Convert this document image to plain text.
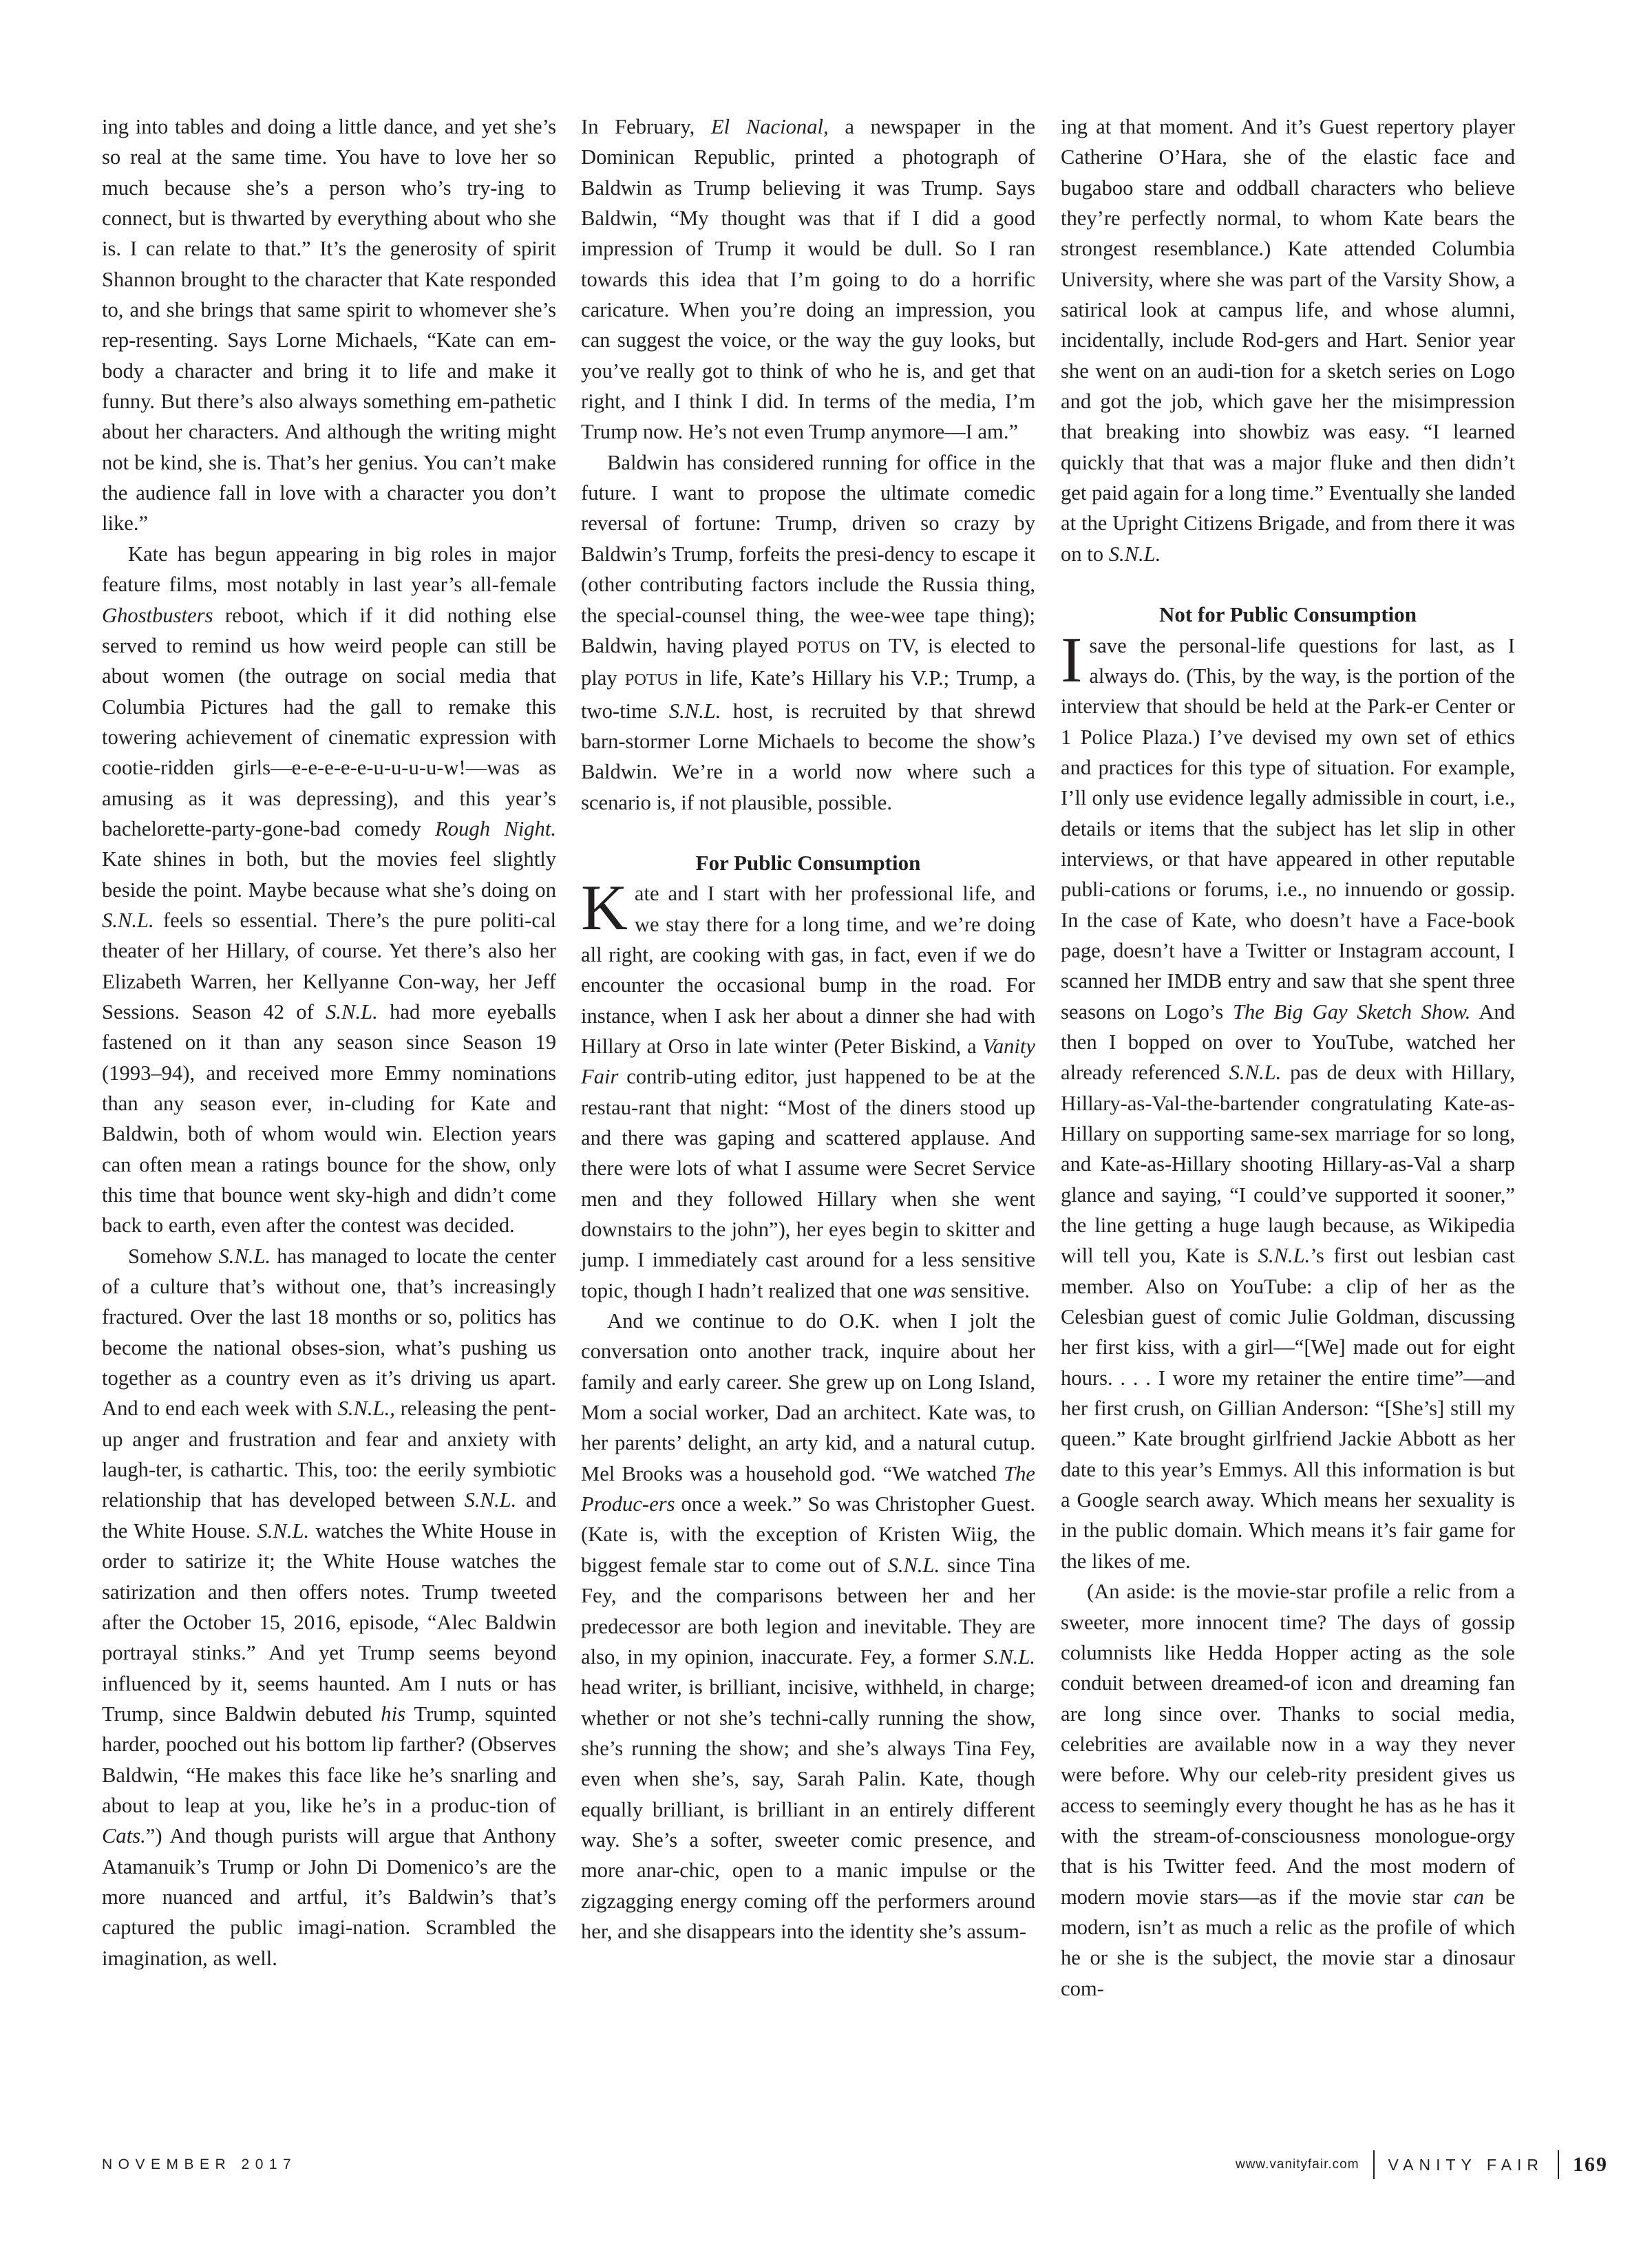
ing into tables and doing a little dance, and yet she’s so real at the same time. You have to love her so much because she’s a person who’s try-ing to connect, but is thwarted by everything about who she is. I can relate to that.” It’s the generosity of spirit Shannon brought to the character that Kate responded to, and she brings that same spirit to whomever she’s rep-resenting. Says Lorne Michaels, “Kate can em-body a character and bring it to life and make it funny. But there’s also always something em-pathetic about her characters. And although the writing might not be kind, she is. That’s her genius. You can’t make the audience fall in love with a character you don’t like.”

Kate has begun appearing in big roles in major feature films, most notably in last year’s all-female Ghostbusters reboot, which if it did nothing else served to remind us how weird people can still be about women (the outrage on social media that Columbia Pictures had the gall to remake this towering achievement of cinematic expression with cootie-ridden girls—e-e-e-e-e-u-u-u-u-w!—was as amusing as it was depressing), and this year’s bachelorette-party-gone-bad comedy Rough Night. Kate shines in both, but the movies feel slightly beside the point. Maybe because what she’s doing on S.N.L. feels so essential. There’s the pure politi-cal theater of her Hillary, of course. Yet there’s also her Elizabeth Warren, her Kellyanne Con-way, her Jeff Sessions. Season 42 of S.N.L. had more eyeballs fastened on it than any season since Season 19 (1993–94), and received more Emmy nominations than any season ever, in-cluding for Kate and Baldwin, both of whom would win. Election years can often mean a ratings bounce for the show, only this time that bounce went sky-high and didn’t come back to earth, even after the contest was decided.

Somehow S.N.L. has managed to locate the center of a culture that’s without one, that’s increasingly fractured. Over the last 18 months or so, politics has become the national obses-sion, what’s pushing us together as a country even as it’s driving us apart. And to end each week with S.N.L., releasing the pent-up anger and frustration and fear and anxiety with laugh-ter, is cathartic. This, too: the eerily symbiotic relationship that has developed between S.N.L. and the White House. S.N.L. watches the White House in order to satirize it; the White House watches the satirization and then offers notes. Trump tweeted after the October 15, 2016, episode, “Alec Baldwin portrayal stinks.” And yet Trump seems beyond influenced by it, seems haunted. Am I nuts or has Trump, since Baldwin debuted his Trump, squinted harder, pooched out his bottom lip farther? (Observes Baldwin, “He makes this face like he’s snarling and about to leap at you, like he’s in a produc-tion of Cats.”) And though purists will argue that Anthony Atamanuik’s Trump or John Di Domenico’s are the more nuanced and artful, it’s Baldwin’s that’s captured the public imagi-nation. Scrambled the imagination, as well.

In February, El Nacional, a newspaper in the Dominican Republic, printed a photograph of Baldwin as Trump believing it was Trump. Says Baldwin, “My thought was that if I did a good impression of Trump it would be dull. So I ran towards this idea that I’m going to do a horrific caricature. When you’re doing an impression, you can suggest the voice, or the way the guy looks, but you’ve really got to think of who he is, and get that right, and I think I did. In terms of the media, I’m Trump now. He’s not even Trump anymore—I am.”

Baldwin has considered running for office in the future. I want to propose the ultimate comedic reversal of fortune: Trump, driven so crazy by Baldwin’s Trump, forfeits the presi-dency to escape it (other contributing factors include the Russia thing, the special-counsel thing, the wee-wee tape thing); Baldwin, having played POTUS on TV, is elected to play POTUS in life, Kate’s Hillary his V.P.; Trump, a two-time S.N.L. host, is recruited by that shrewd barn-stormer Lorne Michaels to become the show’s Baldwin. We’re in a world now where such a scenario is, if not plausible, possible.

For Public Consumption

Kate and I start with her professional life, and we stay there for a long time, and we’re doing all right, are cooking with gas, in fact, even if we do encounter the occasional bump in the road. For instance, when I ask her about a dinner she had with Hillary at Orso in late winter (Peter Biskind, a Vanity Fair contrib-uting editor, just happened to be at the restau-rant that night: “Most of the diners stood up and there was gaping and scattered applause. And there were lots of what I assume were Secret Service men and they followed Hillary when she went downstairs to the john”), her eyes begin to skitter and jump. I immediately cast around for a less sensitive topic, though I hadn’t realized that one was sensitive.

And we continue to do O.K. when I jolt the conversation onto another track, inquire about her family and early career. She grew up on Long Island, Mom a social worker, Dad an architect. Kate was, to her parents’ delight, an arty kid, and a natural cutup. Mel Brooks was a household god. “We watched The Produc-ers once a week.” So was Christopher Guest. (Kate is, with the exception of Kristen Wiig, the biggest female star to come out of S.N.L. since Tina Fey, and the comparisons between her and her predecessor are both legion and inevitable. They are also, in my opinion, inaccurate. Fey, a former S.N.L. head writer, is brilliant, incisive, withheld, in charge; whether or not she’s techni-cally running the show, she’s running the show; and she’s always Tina Fey, even when she’s, say, Sarah Palin. Kate, though equally brilliant, is brilliant in an entirely different way. She’s a softer, sweeter comic presence, and more anar-chic, open to a manic impulse or the zigzagging energy coming off the performers around her, and she disappears into the identity she’s assum-

ing at that moment. And it’s Guest repertory player Catherine O’Hara, she of the elastic face and bugaboo stare and oddball characters who believe they’re perfectly normal, to whom Kate bears the strongest resemblance.) Kate attended Columbia University, where she was part of the Varsity Show, a satirical look at campus life, and whose alumni, incidentally, include Rod-gers and Hart. Senior year she went on an audi-tion for a sketch series on Logo and got the job, which gave her the misimpression that breaking into showbiz was easy. “I learned quickly that that was a major fluke and then didn’t get paid again for a long time.” Eventually she landed at the Upright Citizens Brigade, and from there it was on to S.N.L.

Not for Public Consumption

I save the personal-life questions for last, as I always do. (This, by the way, is the portion of the interview that should be held at the Park-er Center or 1 Police Plaza.) I’ve devised my own set of ethics and practices for this type of situation. For example, I’ll only use evidence legally admissible in court, i.e., details or items that the subject has let slip in other interviews, or that have appeared in other reputable publi-cations or forums, i.e., no innuendo or gossip. In the case of Kate, who doesn’t have a Face-book page, doesn’t have a Twitter or Instagram account, I scanned her IMDB entry and saw that she spent three seasons on Logo’s The Big Gay Sketch Show. And then I bopped on over to YouTube, watched her already referenced S.N.L. pas de deux with Hillary, Hillary-as-Val-the-bartender congratulating Kate-as-Hillary on supporting same-sex marriage for so long, and Kate-as-Hillary shooting Hillary-as-Val a sharp glance and saying, “I could’ve supported it sooner,” the line getting a huge laugh because, as Wikipedia will tell you, Kate is S.N.L.’s first out lesbian cast member. Also on YouTube: a clip of her as the Celesbian guest of comic Julie Goldman, discussing her first kiss, with a girl—“[We] made out for eight hours. . . . I wore my retainer the entire time”—and her first crush, on Gillian Anderson: “[She’s] still my queen.” Kate brought girlfriend Jackie Abbott as her date to this year’s Emmys. All this information is but a Google search away. Which means her sexuality is in the public domain. Which means it’s fair game for the likes of me.

(An aside: is the movie-star profile a relic from a sweeter, more innocent time? The days of gossip columnists like Hedda Hopper acting as the sole conduit between dreamed-of icon and dreaming fan are long since over. Thanks to social media, celebrities are available now in a way they never were before. Why our celeb-rity president gives us access to seemingly every thought he has as he has it with the stream-of-consciousness monologue-orgy that is his Twitter feed. And the most modern of modern movie stars—as if the movie star can be modern, isn’t as much a relic as the profile of which he or she is the subject, the movie star a dinosaur com-

NOVEMBER 2017	www.vanityfair.com VANITY FAIR 169
